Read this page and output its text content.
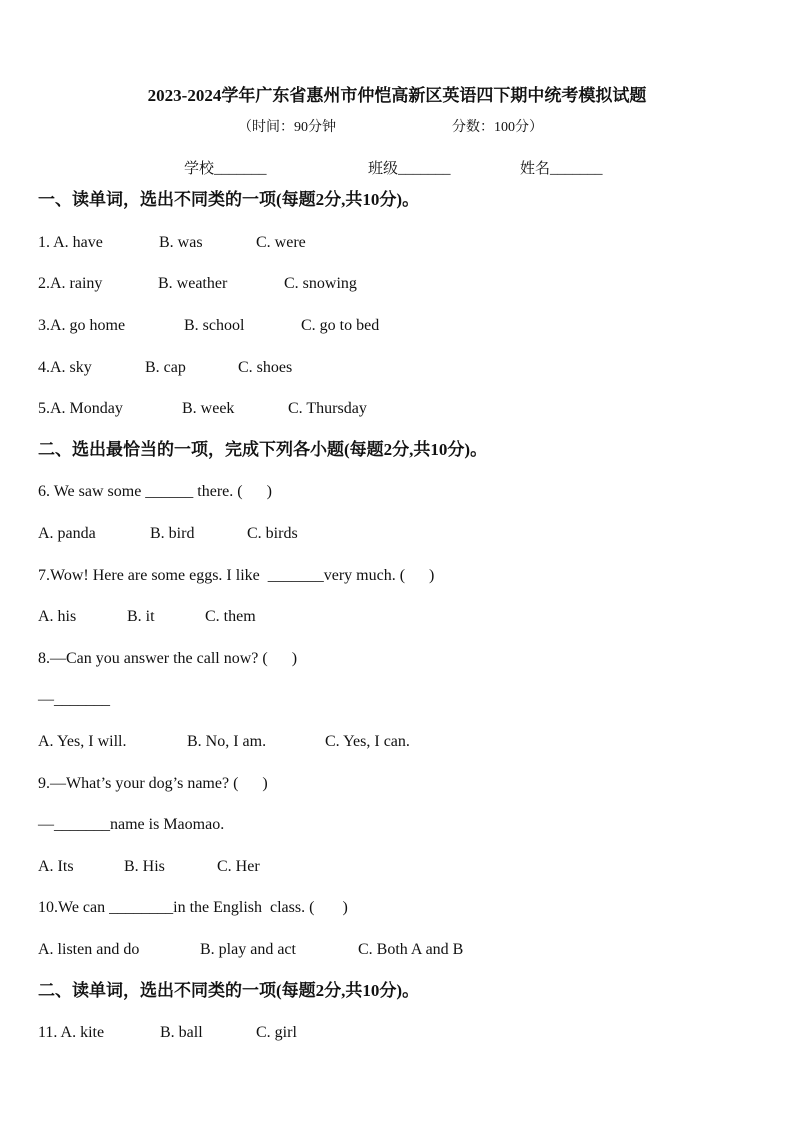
2023-2024学年广东省惠州市仲恺高新区英语四下期中统考模拟试题
（时间：90分钟	分数：100分）
学校_______	班级_______	姓名_______
一、读单词，选出不同类的一项(每题2分,共10分)。
1. A. have	B. was	C. were
2.A. rainy	B. weather	C. snowing
3.A. go home	B. school	C. go to bed
4.A. sky	B. cap	C. shoes
5.A. Monday	B. week	C. Thursday
二、选出最恰当的一项，完成下列各小题(每题2分,共10分)。
6. We saw some ______ there. (      )
A. panda	B. bird	C. birds
7.Wow! Here are some eggs. I like  _______very much. (      )
A. his	B. it	C. them
8.—Can you answer the call now? (      )
—_______
A. Yes, I will.	B. No, I am.	C. Yes, I can.
9.—What’s your dog’s name? (      )
—_______name is Maomao.
A. Its	B. His	C. Her
10.We can ________in the English  class. (       )
A. listen and do	B. play and act	C. Both A and B
二、读单词，选出不同类的一项(每题2分,共10分)。
11. A. kite	B. ball	C. girl
